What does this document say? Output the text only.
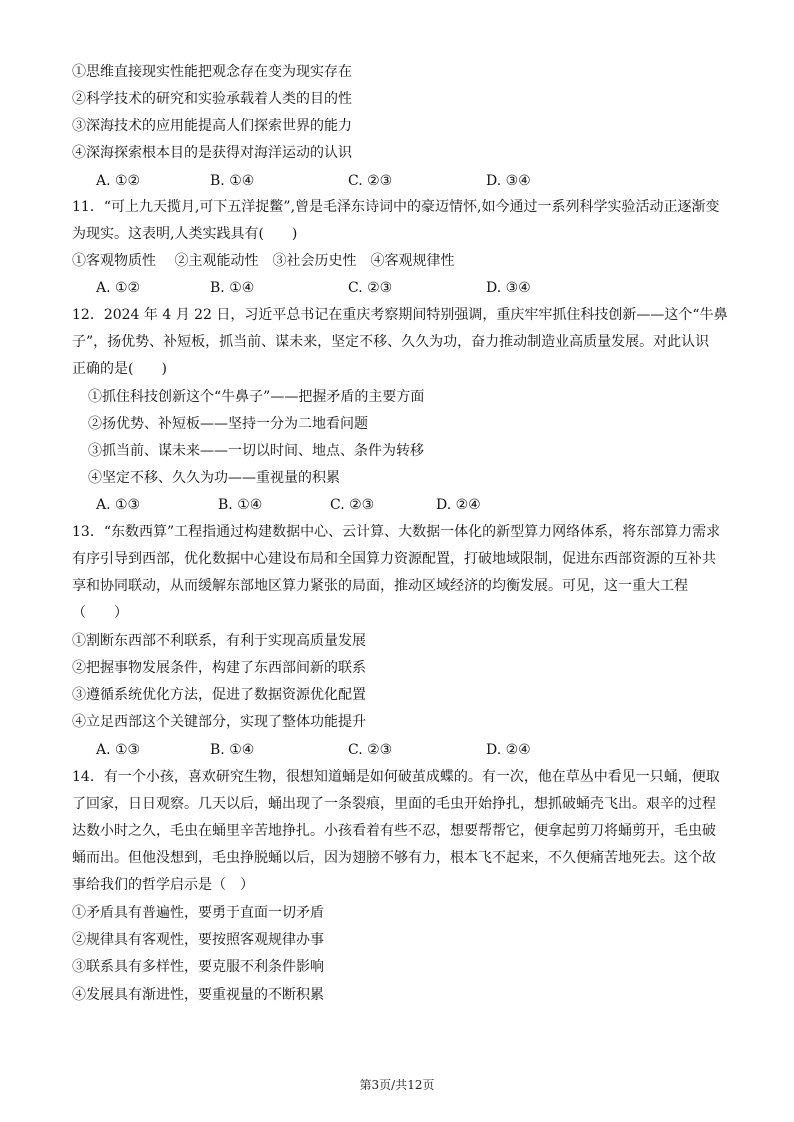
①思维直接现实性能把观念存在变为现实存在
②科学技术的研究和实验承载着人类的目的性
③深海技术的应用能提高人们探索世界的能力
④深海探索根本目的是获得对海洋运动的认识
A. ①②	B. ①④	C. ②③	D. ③④
11．“可上九天揽月,可下五洋捉鳖”,曾是毛泽东诗词中的豪迈情怀,如今通过一系列科学实验活动正逐渐变
为现实。这表明,人类实践具有(　　)
①客观物质性　 ②主观能动性　③社会历史性　④客观规律性
A. ①②	B. ①④	C. ②③	D. ③④
12．2024 年 4 月 22 日，习近平总书记在重庆考察期间特别强调，重庆牢牢抓住科技创新——这个“牛鼻
子”，扬优势、补短板，抓当前、谋未来，坚定不移、久久为功，奋力推动制造业高质量发展。对此认识
正确的是(　　)
①抓住科技创新这个“牛鼻子”——把握矛盾的主要方面
②扬优势、补短板——坚持一分为二地看问题
③抓当前、谋未来——一切以时间、地点、条件为转移
④坚定不移、久久为功——重视量的积累
A. ①③	B. ①④	C. ②③	D. ②④
13．“东数西算”工程指通过构建数据中心、云计算、大数据一体化的新型算力网络体系，将东部算力需求
有序引导到西部，优化数据中心建设布局和全国算力资源配置，打破地域限制，促进东西部资源的互补共
享和协同联动，从而缓解东部地区算力紧张的局面，推动区域经济的均衡发展。可见，这一重大工程
（　　）
①割断东西部不利联系，有利于实现高质量发展
②把握事物发展条件，构建了东西部间新的联系
③遵循系统优化方法，促进了数据资源优化配置
④立足西部这个关键部分，实现了整体功能提升
A. ①③	B. ①④	C. ②③	D. ②④
14．有一个小孩，喜欢研究生物，很想知道蛹是如何破茧成蝶的。有一次，他在草丛中看见一只蛹，便取
了回家，日日观察。几天以后，蛹出现了一条裂痕，里面的毛虫开始挣扎，想抓破蛹壳飞出。艰辛的过程
达数小时之久，毛虫在蛹里辛苦地挣扎。小孩看着有些不忍，想要帮帮它，便拿起剪刀将蛹剪开，毛虫破
蛹而出。但他没想到，毛虫挣脱蛹以后，因为翅膀不够有力，根本飞不起来，不久便痛苦地死去。这个故
事给我们的哲学启示是（　）
①矛盾具有普遍性，要勇于直面一切矛盾
②规律具有客观性，要按照客观规律办事
③联系具有多样性，要克服不利条件影响
④发展具有渐进性，要重视量的不断积累
第3页/共12页
